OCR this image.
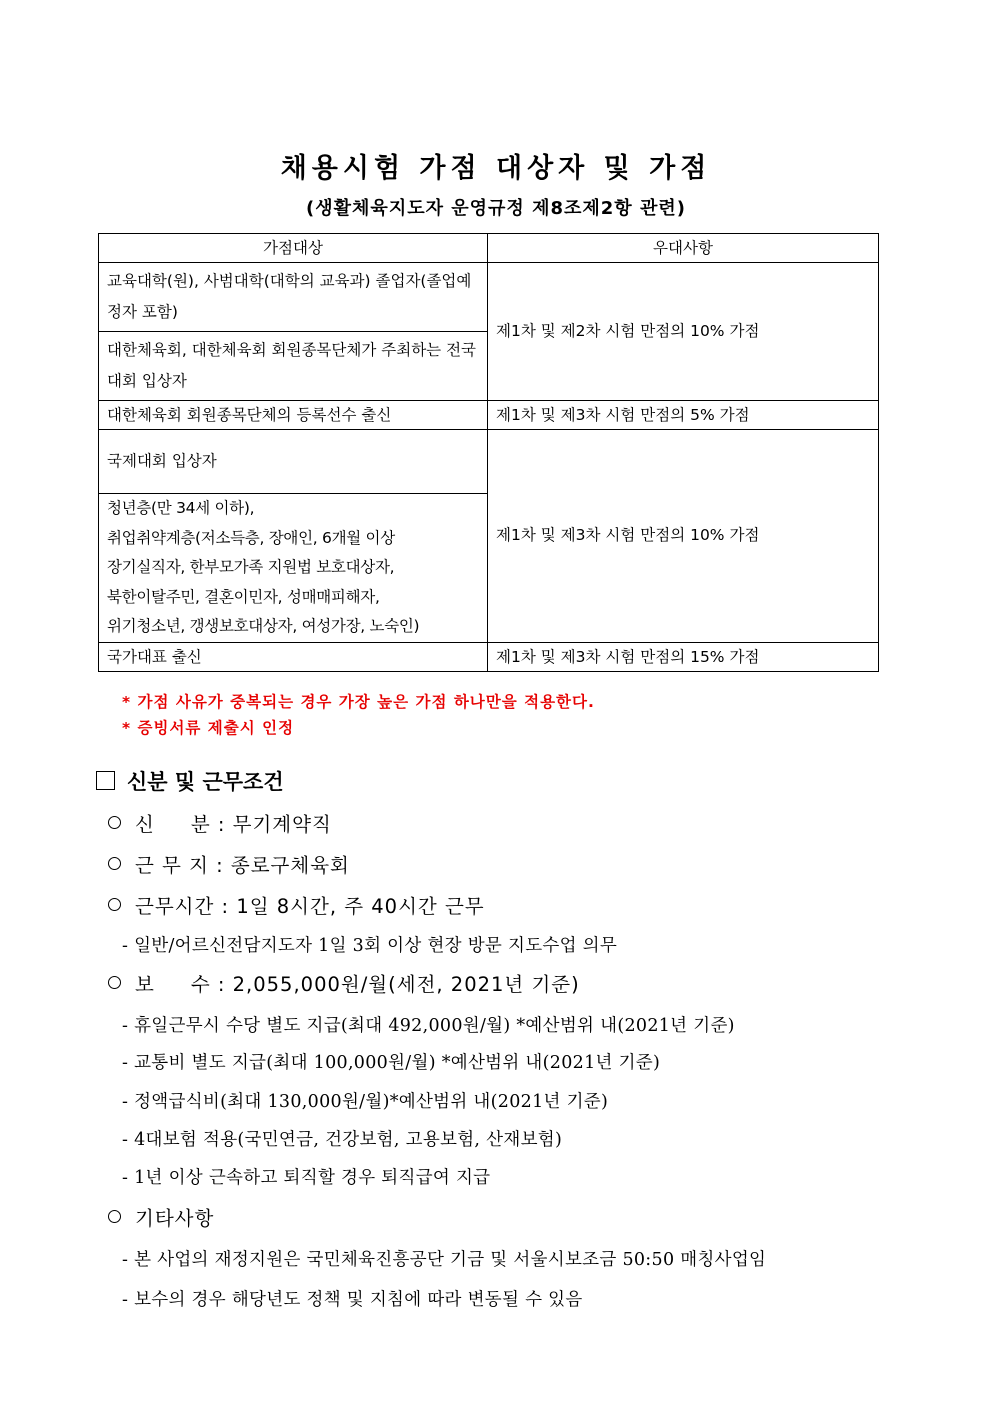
채용시험 가점 대상자 및 가점
(생활체육지도자 운영규정 제8조제2항 관련)
가점대상	우대사항
교육대학(원), 사범대학(대학의 교육과) 졸업자(졸업예정자 포함)	제1차 및 제2차 시험 만점의 10% 가점
대한체육회, 대한체육회 회원종목단체가 주최하는 전국대회 입상자	
대한체육회 회원종목단체의 등록선수 출신	제1차 및 제3차 시험 만점의 5% 가점
국제대회 입상자	제1차 및 제3차 시험 만점의 10% 가점

청년층(만 34세 이하),
취업취약계층(저소득층, 장애인, 6개월 이상
장기실직자, 한부모가족 지원법 보호대상자,
북한이탈주민, 결혼이민자, 성매매피해자,
위기청소년, 갱생보호대상자, 여성가장, 노숙인)	

국가대표 출신	제1차 및 제3차 시험 만점의 15% 가점
* 가점 사유가 중복되는 경우 가장 높은 가점 하나만을 적용한다.
* 증빙서류 제출시 인정
신분 및 근무조건
신     분 : 무기계약직
근 무 지 : 종로구체육회
근무시간 : 1일 8시간, 주 40시간 근무
- 일반/어르신전담지도자 1일 3회 이상 현장 방문 지도수업 의무
보     수 : 2,055,000원/월(세전, 2021년 기준)
- 휴일근무시 수당 별도 지급(최대 492,000원/월) *예산범위 내(2021년 기준)
- 교통비 별도 지급(최대 100,000원/월) *예산범위 내(2021년 기준)
- 정액급식비(최대 130,000원/월)*예산범위 내(2021년 기준)
- 4대보험 적용(국민연금, 건강보험, 고용보험, 산재보험)
- 1년 이상 근속하고 퇴직할 경우 퇴직급여 지급
기타사항
- 본 사업의 재정지원은 국민체육진흥공단 기금 및 서울시보조금 50:50 매칭사업임
- 보수의 경우 해당년도 정책 및 지침에 따라 변동될 수 있음
